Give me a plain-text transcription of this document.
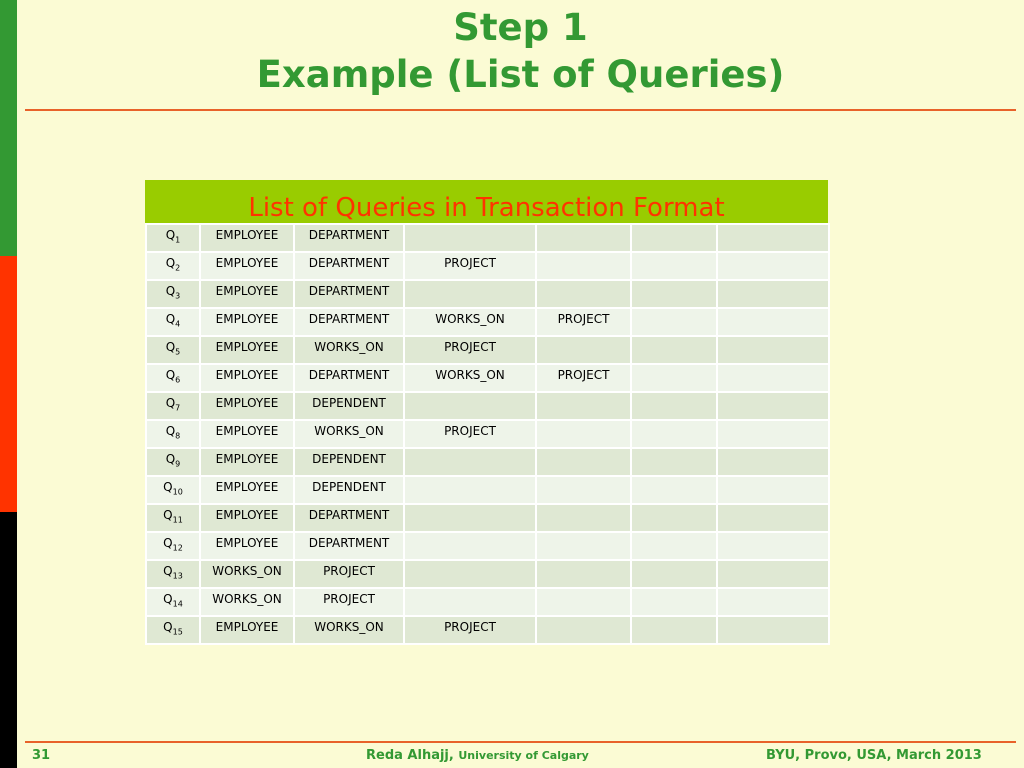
Step 1
Example (List of Queries)
List of Queries in Transaction Format
$Q_1$	EMPLOYEE	DEPARTMENT				
$Q_2$	EMPLOYEE	DEPARTMENT	PROJECT			
$Q_3$	EMPLOYEE	DEPARTMENT				
$Q_4$	EMPLOYEE	DEPARTMENT	WORKS_ON	PROJECT		
$Q_5$	EMPLOYEE	WORKS_ON	PROJECT			
$Q_6$	EMPLOYEE	DEPARTMENT	WORKS_ON	PROJECT		
$Q_7$	EMPLOYEE	DEPENDENT				
$Q_8$	EMPLOYEE	WORKS_ON	PROJECT			
$Q_9$	EMPLOYEE	DEPENDENT				
$Q_{10}$	EMPLOYEE	DEPENDENT				
$Q_{11}$	EMPLOYEE	DEPARTMENT				
$Q_{12}$	EMPLOYEE	DEPARTMENT				
$Q_{13}$	WORKS_ON	PROJECT				
$Q_{14}$	WORKS_ON	PROJECT				
$Q_{15}$	EMPLOYEE	WORKS_ON	PROJECT			
31	Reda Alhajj, University of Calgary	BYU, Provo, USA, March 2013
